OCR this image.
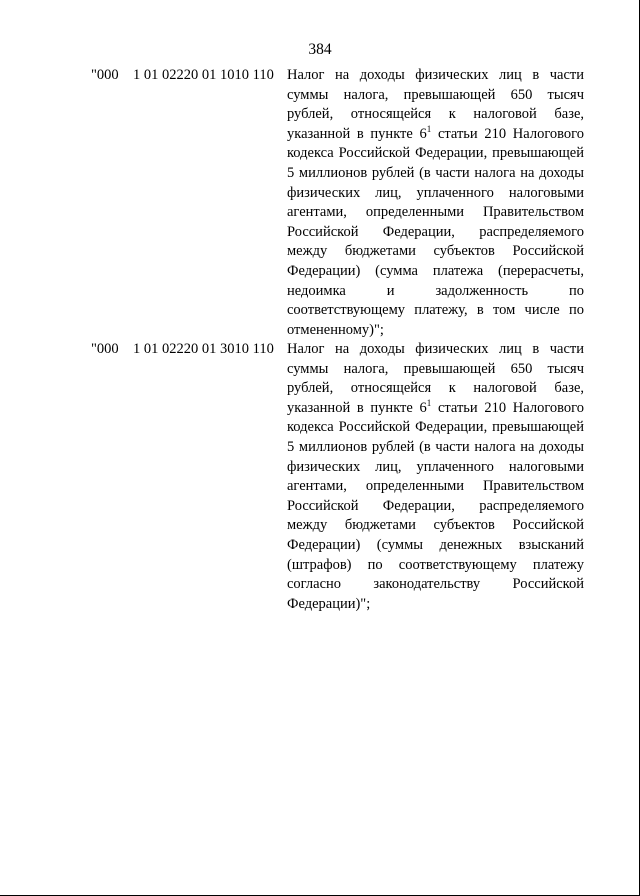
384
"000 1 01 02220 01 1010 110 Налог на доходы физических лиц в части суммы налога, превышающей 650 тысяч рублей, относящейся к налоговой базе, указанной в пункте $6^1$ статьи 210 Налогового кодекса Российской Федерации, превышающей 5 миллионов рублей (в части налога на доходы физических лиц, уплаченного налоговыми агентами, определенными Правительством Российской Федерации, распределяемого между бюджетами субъектов Российской Федерации) (сумма платежа (перерасчеты, недоимка и задолженность по соответствующему платежу, в том числе по отмененному)";

"000 1 01 02220 01 3010 110 Налог на доходы физических лиц в части суммы налога, превышающей 650 тысяч рублей, относящейся к налоговой базе, указанной в пункте $6^1$ статьи 210 Налогового кодекса Российской Федерации, превышающей 5 миллионов рублей (в части налога на доходы физических лиц, уплаченного налоговыми агентами, определенными Правительством Российской Федерации, распределяемого между бюджетами субъектов Российской Федерации) (суммы денежных взысканий (штрафов) по соответствующему платежу согласно законодательству Российской Федерации)";
